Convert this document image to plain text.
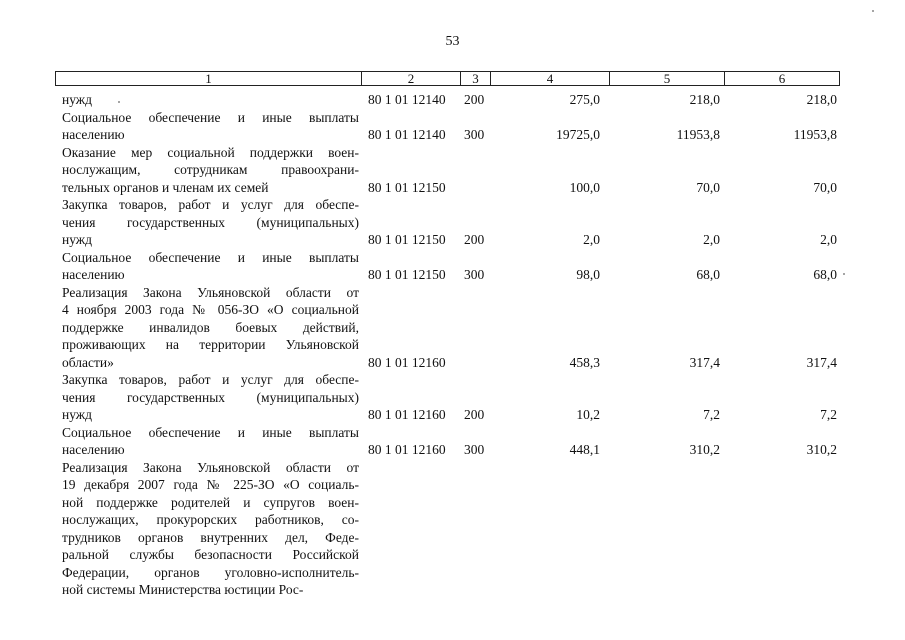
53
1	2	3	4	5	6
нужд	80 1 01 12140 200	275,0	218,0	218,0
Социальное обеспечение и иные выплаты
населению	80 1 01 12140 300	19725,0	11953,8	11953,8
Оказание мер социальной поддержки воен-
нослужащим, сотрудникам правоохрани-
тельных органов и членам их семей	80 1 01 12150	100,0	70,0	70,0
Закупка товаров, работ и услуг для обеспе-
чения государственных (муниципальных)
нужд	80 1 01 12150 200	2,0	2,0	2,0
Социальное обеспечение и иные выплаты
населению	80 1 01 12150 300	98,0	68,0	68,0
Реализация Закона Ульяновской области от
4 ноября 2003 года № 056-ЗО «О социальной
поддержке инвалидов боевых действий,
проживающих на территории Ульяновской
области»	80 1 01 12160	458,3	317,4	317,4
Закупка товаров, работ и услуг для обеспе-
чения государственных (муниципальных)
нужд	80 1 01 12160 200	10,2	7,2	7,2
Социальное обеспечение и иные выплаты
населению	80 1 01 12160 300	448,1	310,2	310,2
Реализация Закона Ульяновской области от
19 декабря 2007 года № 225-ЗО «О социаль-
ной поддержке родителей и супругов воен-
нослужащих, прокурорских работников, со-
трудников органов внутренних дел, Феде-
ральной службы безопасности Российской
Федерации, органов уголовно-исполнитель-
ной системы Министерства юстиции Рос-
